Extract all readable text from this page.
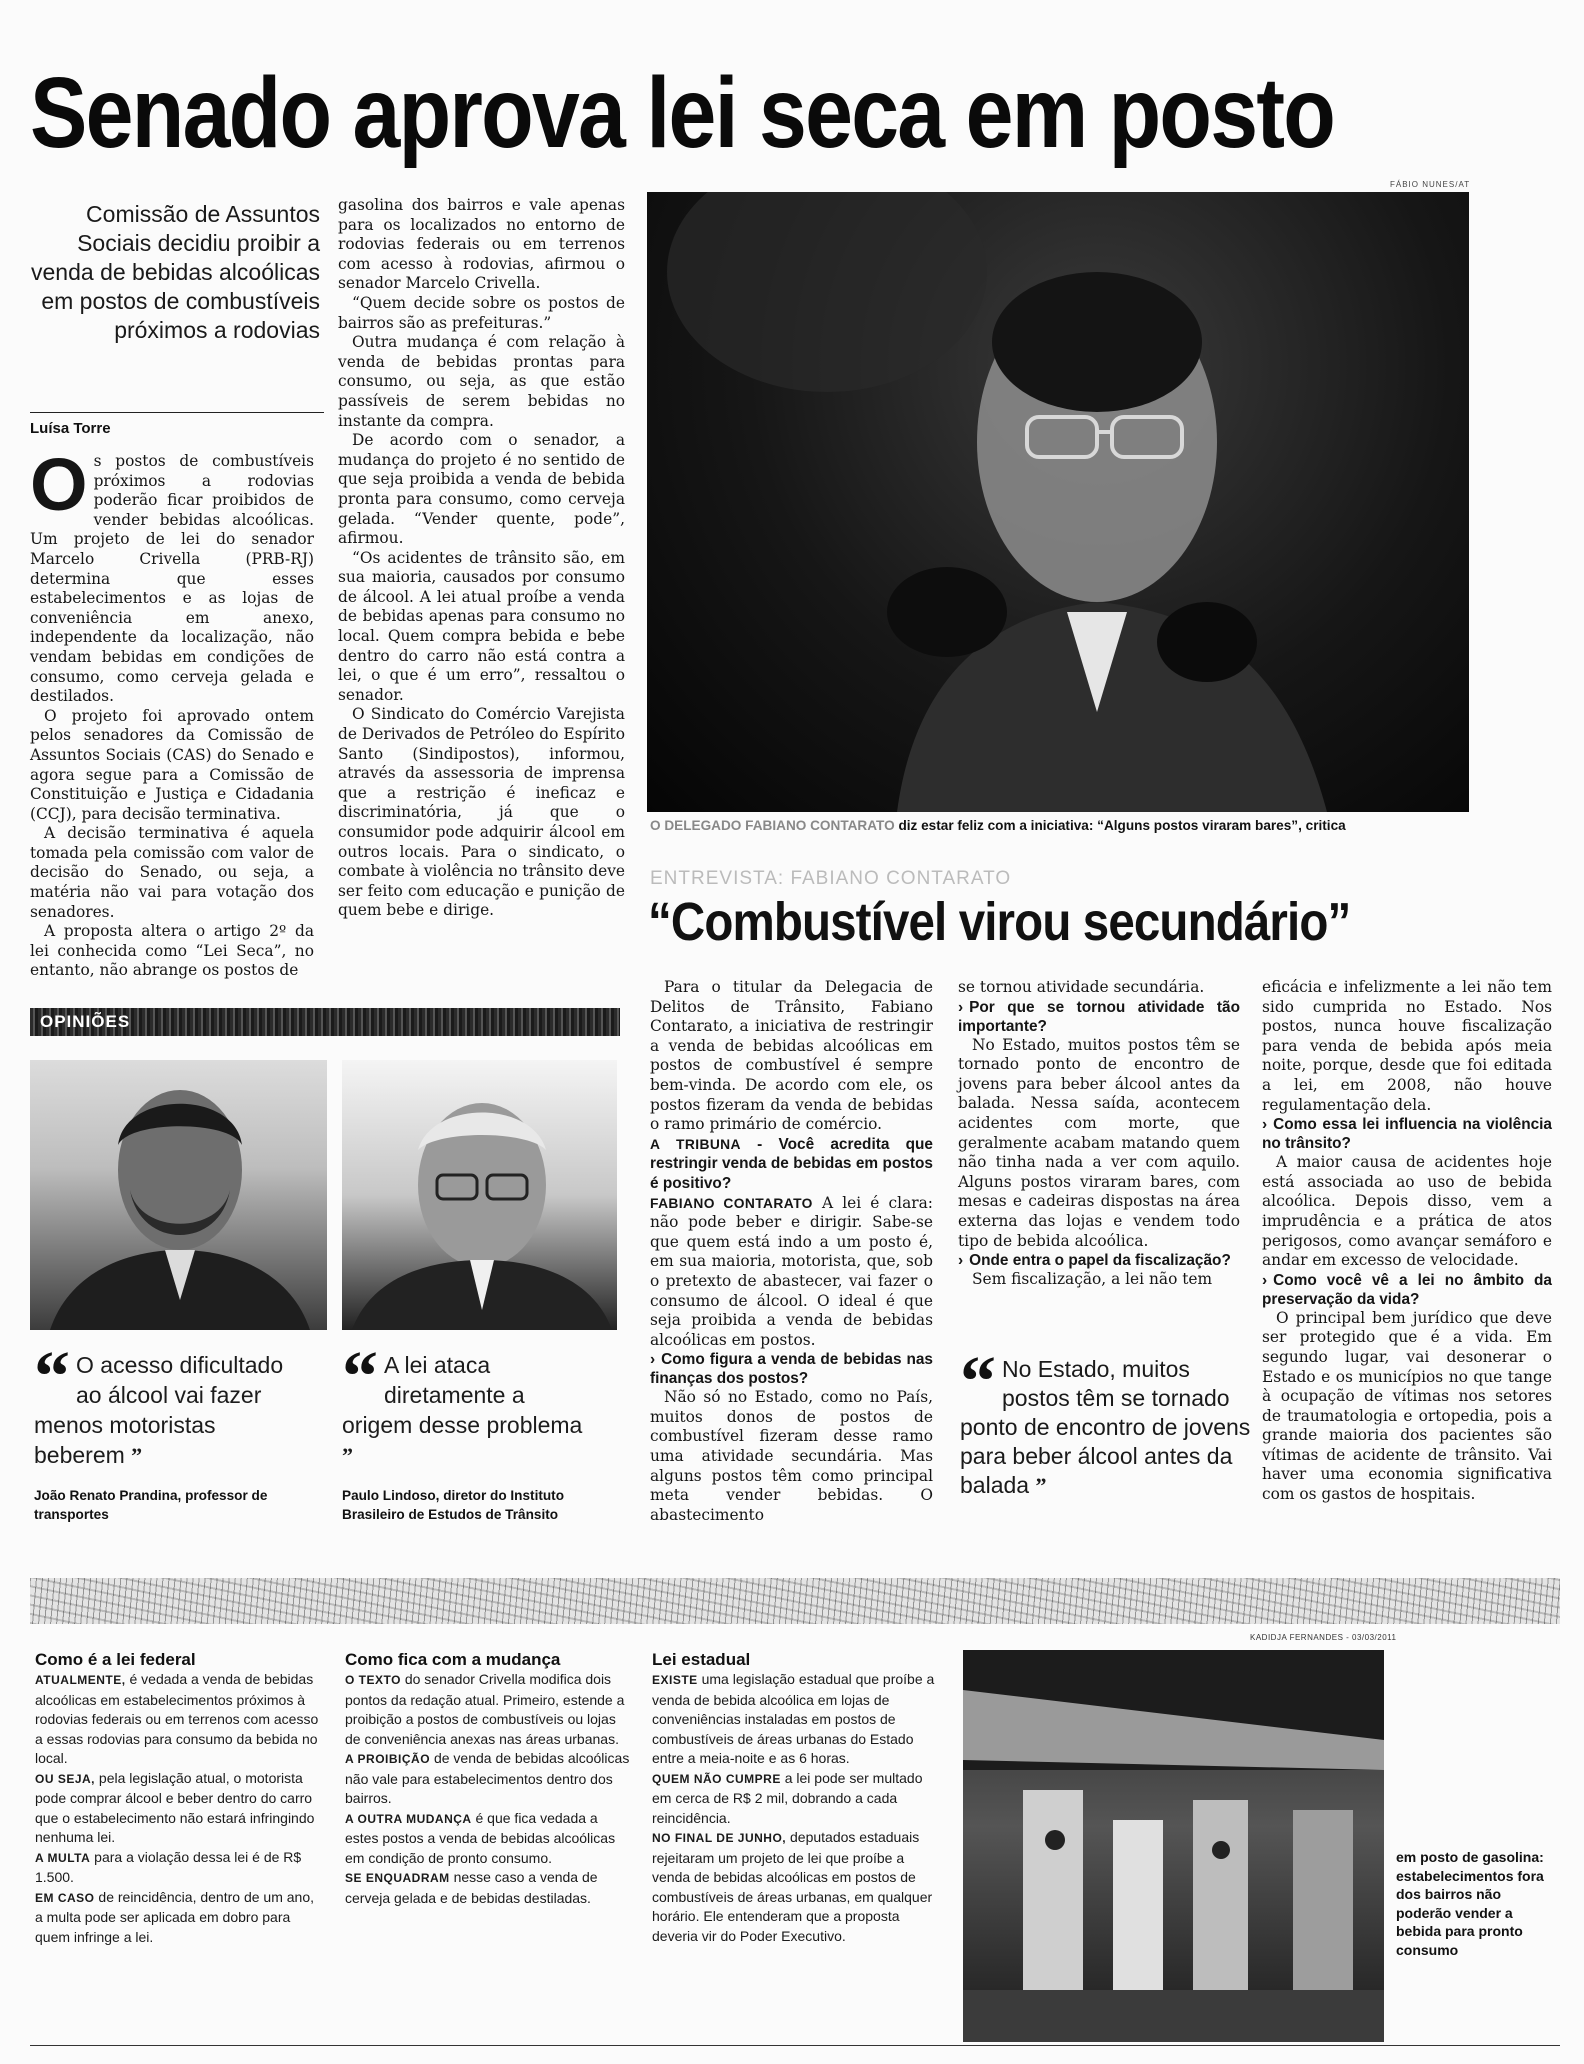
Senado aprova lei seca em posto
Comissão de Assuntos Sociais decidiu proibir a venda de bebidas alcoólicas em postos de combustíveis próximos a rodovias
Luísa Torre

Os postos de combustíveis próximos a rodovias poderão ficar proibidos de vender bebidas alcoólicas. Um projeto de lei do senador Marcelo Crivella (PRB-RJ) determina que esses estabelecimentos e as lojas de conveniência em anexo, independente da localização, não vendam bebidas em condições de consumo, como cerveja gelada e destilados.

O projeto foi aprovado ontem pelos senadores da Comissão de Assuntos Sociais (CAS) do Senado e agora segue para a Comissão de Constituição e Justiça e Cidadania (CCJ), para decisão terminativa.

A decisão terminativa é aquela tomada pela comissão com valor de decisão do Senado, ou seja, a matéria não vai para votação dos senadores.

A proposta altera o artigo 2º da lei conhecida como “Lei Seca”, no entanto, não abrange os postos de

gasolina dos bairros e vale apenas para os localizados no entorno de rodovias federais ou em terrenos com acesso à rodovias, afirmou o senador Marcelo Crivella.

“Quem decide sobre os postos de bairros são as prefeituras.”

Outra mudança é com relação à venda de bebidas prontas para consumo, ou seja, as que estão passíveis de serem bebidas no instante da compra.

De acordo com o senador, a mudança do projeto é no sentido de que seja proibida a venda de bebida pronta para consumo, como cerveja gelada. “Vender quente, pode”, afirmou.

“Os acidentes de trânsito são, em sua maioria, causados por consumo de álcool. A lei atual proíbe a venda de bebidas apenas para consumo no local. Quem compra bebida e bebe dentro do carro não está contra a lei, o que é um erro”, ressaltou o senador.

O Sindicato do Comércio Varejista de Derivados de Petróleo do Espírito Santo (Sindipostos), informou, através da assessoria de imprensa que a restrição é ineficaz e discriminatória, já que o consumidor pode adquirir álcool em outros locais. Para o sindicato, o combate à violência no trânsito deve ser feito com educação e punição de quem bebe e dirige.

FÁBIO NUNES/AT
O DELEGADO FABIANO CONTARATO diz estar feliz com a iniciativa: “Alguns postos viraram bares”, critica
ENTREVISTA: FABIANO CONTARATO
“Combustível virou secundário”

Para o titular da Delegacia de Delitos de Trânsito, Fabiano Contarato, a iniciativa de restringir a venda de bebidas alcoólicas em postos de combustível é sempre bem-vinda. De acordo com ele, os postos fizeram da venda de bebidas o ramo primário de comércio.

A TRIBUNA - Você acredita que restringir venda de bebidas em postos é positivo?

FABIANO CONTARATO A lei é clara: não pode beber e dirigir. Sabe-se que quem está indo a um posto é, em sua maioria, motorista, que, sob o pretexto de abastecer, vai fazer o consumo de álcool. O ideal é que seja proibida a venda de bebidas alcoólicas em postos.

› Como figura a venda de bebidas nas finanças dos postos?

Não só no Estado, como no País, muitos donos de postos de combustível fizeram desse ramo uma atividade secundária. Mas alguns postos têm como principal meta vender bebidas. O abastecimento

se tornou atividade secundária.

› Por que se tornou atividade tão importante?

No Estado, muitos postos têm se tornado ponto de encontro de jovens para beber álcool antes da balada. Nessa saída, acontecem acidentes com morte, que geralmente acabam matando quem não tinha nada a ver com aquilo. Alguns postos viraram bares, com mesas e cadeiras dispostas na área externa das lojas e vendem todo tipo de bebida alcoólica.

› Onde entra o papel da fiscalização?

Sem fiscalização, a lei não tem

“ No Estado, muitos postos têm se tornado ponto de encontro de jovens para beber álcool antes da balada ”

eficácia e infelizmente a lei não tem sido cumprida no Estado. Nos postos, nunca houve fiscalização para venda de bebida após meia noite, porque, desde que foi editada a lei, em 2008, não houve regulamentação dela.

› Como essa lei influencia na violência no trânsito?

A maior causa de acidentes hoje está associada ao uso de bebida alcoólica. Depois disso, vem a imprudência e a prática de atos perigosos, como avançar semáforo e andar em excesso de velocidade.

› Como você vê a lei no âmbito da preservação da vida?

O principal bem jurídico que deve ser protegido que é a vida. Em segundo lugar, vai desonerar o Estado e os municípios no que tange à ocupação de vítimas nos setores de traumatologia e ortopedia, pois a grande maioria dos pacientes são vítimas de acidente de trânsito. Vai haver uma economia significativa com os gastos de hospitais.

OPINIÕES
“ O acesso dificultado ao álcool vai fazer menos motoristas beberem ”
João Renato Prandina, professor de transportes
“ A lei ataca diretamente a origem desse problema ”
Paulo Lindoso, diretor do Instituto Brasileiro de Estudos de Trânsito
Como é a lei federal

ATUALMENTE, é vedada a venda de bebidas alcoólicas em estabelecimentos próximos à rodovias federais ou em terrenos com acesso a essas rodovias para consumo da bebida no local.

OU SEJA, pela legislação atual, o motorista pode comprar álcool e beber dentro do carro que o estabelecimento não estará infringindo nenhuma lei.

A MULTA para a violação dessa lei é de R$ 1.500.

EM CASO de reincidência, dentro de um ano, a multa pode ser aplicada em dobro para quem infringe a lei.

Como fica com a mudança

O TEXTO do senador Crivella modifica dois pontos da redação atual. Primeiro, estende a proibição a postos de combustíveis ou lojas de conveniência anexas nas áreas urbanas.

A PROIBIÇÃO de venda de bebidas alcoólicas não vale para estabelecimentos dentro dos bairros.

A OUTRA MUDANÇA é que fica vedada a estes postos a venda de bebidas alcoólicas em condição de pronto consumo.

SE ENQUADRAM nesse caso a venda de cerveja gelada e de bebidas destiladas.

Lei estadual

EXISTE uma legislação estadual que proíbe a venda de bebida alcoólica em lojas de conveniências instaladas em postos de combustíveis de áreas urbanas do Estado entre a meia-noite e as 6 horas.

QUEM NÃO CUMPRE a lei pode ser multado em cerca de R$ 2 mil, dobrando a cada reincidência.

NO FINAL DE JUNHO, deputados estaduais rejeitaram um projeto de lei que proíbe a venda de bebidas alcoólicas em postos de combustíveis de áreas urbanas, em qualquer horário. Ele entenderam que a proposta deveria vir do Poder Executivo.

KADIDJA FERNANDES - 03/03/2011
em posto de gasolina: estabelecimentos fora dos bairros não poderão vender a bebida para pronto consumo
